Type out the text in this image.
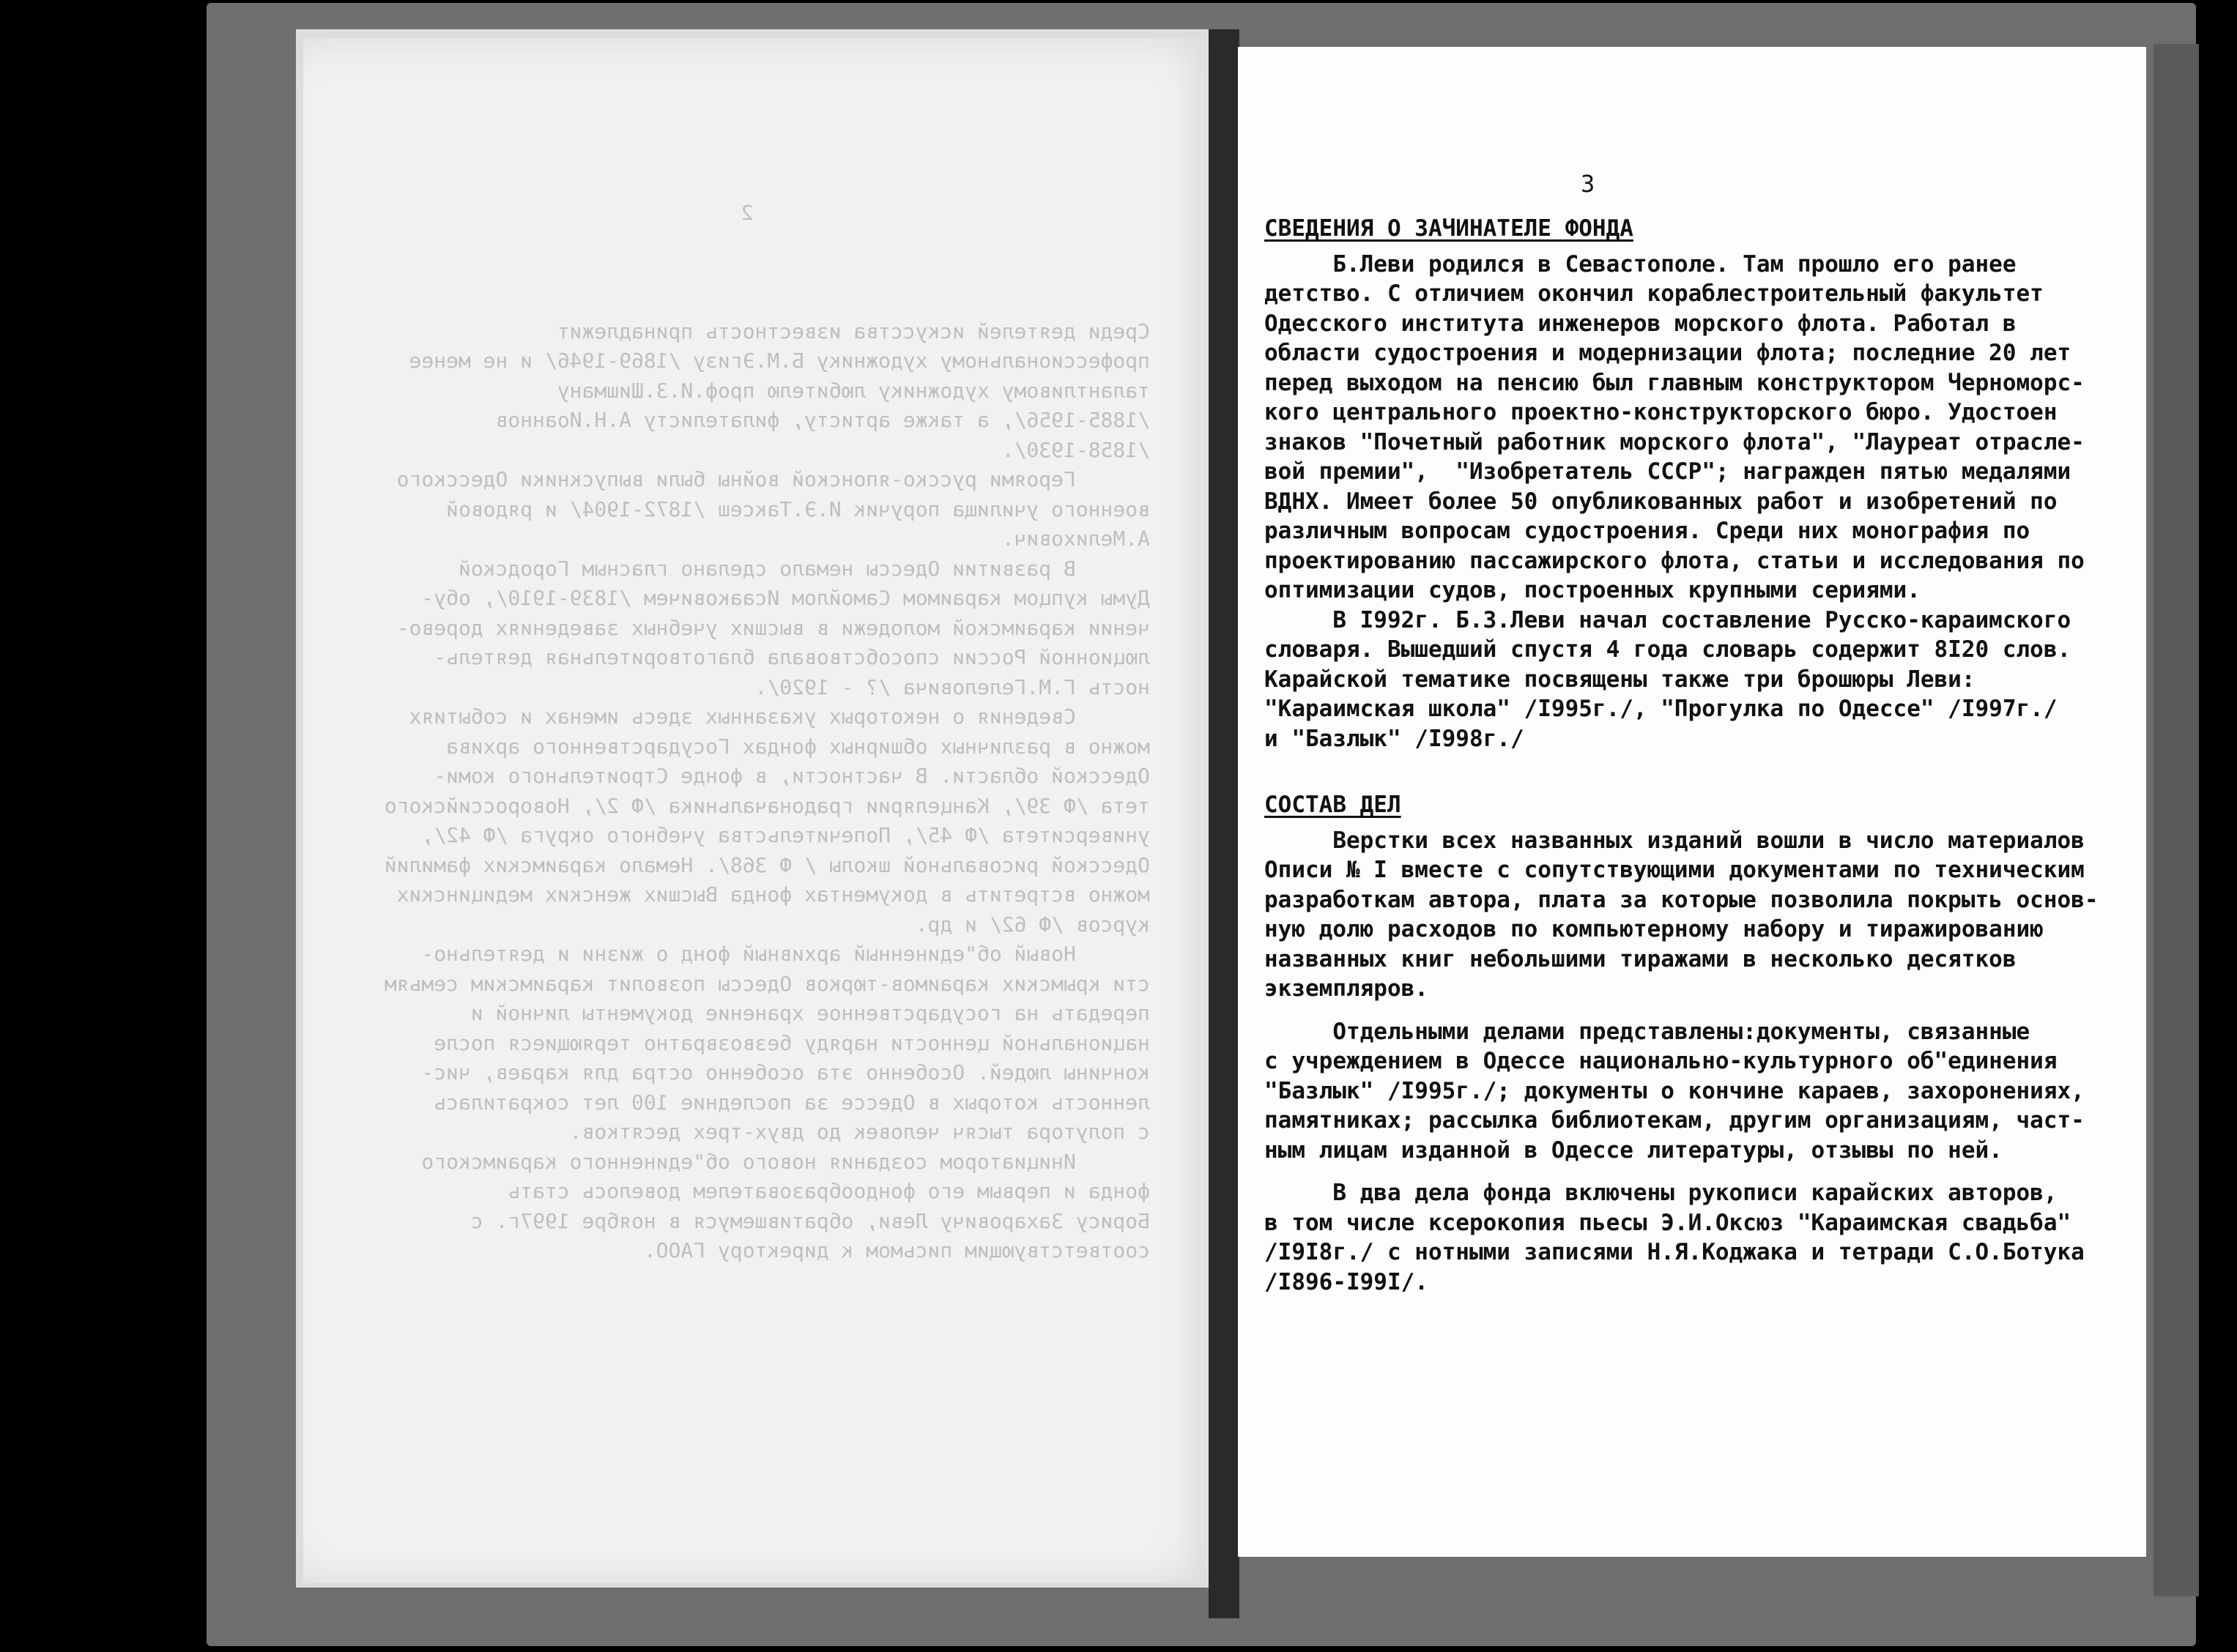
2

Среди деятелей искусства известность принадлежит
профессиональному художнику Б.М.Эгизу /1869-1946/ и не менее
талантливому художнику любителю проф.И.З.Шишману
/1885-1956/, а также артисту, филателисту А.Н.Иоаннов
/1858-1930/.
Героями русско-японской войны были выпускники Одесского
военного училища поручик И.Э.Таксеш /1872-1904/ и рядовой
А.Мелихович.
В развитии Одессы немало сделано гласным Городской
Думы купцом караимом Самойлом Исааковичем /1839-1910/, обу-
чении караимской молодежи в высших учебных заведениях дорево-
люционной России способствовала благотворительная деятель-
ность Г.М.Гелеловича /? - 1920/.
Сведения о некоторых указанных здесь именах и событиях
можно в различных обширных фондах Государственного архива
Одесской области. В частности, в фонде Строительного коми-
тета /Ф 39/, Канцелярии градоначальника /Ф 2/, Новороссийского
университета /Ф 45/, Попечительства учебного округа /Ф 42/,
Одесской рисовальной школы / Ф 368/. Немало караимских фамилий
можно встретить в документах фонда Высших женских медицинских
курсов /Ф 62/ и др.
Новый об"единенный архивный фонд о жизни и деятельно-
сти крымских караимов-тюрков Одессы позволит караимским семьям
передать на государственное хранение документы личной и
национальной ценности наряду безвозвратно теряющиеся после
кончины людей. Особенно эта особенно остра для караев, чис-
ленность которых в Одессе за последние 100 лет сократилась
с полутора тысяч человек до двух-трех десятков.
Инициатором создания нового об"единенного караимского
фонда и первым его фондообразователем довелось стать
Борису Захаровичу Леви, обратившемуся в ноябре 1997г. с
соответствующим письмом к директору ГАОО.

3

СВЕДЕНИЯ О ЗАЧИНАТЕЛЕ ФОНДА

Б.Леви родился в Севастополе. Там прошло его ранее
детство. С отличием окончил кораблестроительный факультет
Одесского института инженеров морского флота. Работал в
области судостроения и модернизации флота; последние 20 лет
перед выходом на пенсию был главным конструктором Черноморс-
кого центрального проектно-конструкторского бюро. Удостоен
знаков "Почетный работник морского флота", "Лауреат отрасле-
вой премии",  "Изобретатель СССР"; награжден пятью медалями
ВДНХ. Имеет более 50 опубликованных работ и изобретений по
различным вопросам судостроения. Среди них монография по
проектированию пассажирского флота, статьи и исследования по
оптимизации судов, построенных крупными сериями.
В I992г. Б.З.Леви начал составление Русско-караимского
словаря. Вышедший спустя 4 года словарь содержит 8I20 слов.
Карайской тематике посвящены также три брошюры Леви:
"Караимская школа" /I995г./, "Прогулка по Одессе" /I997г./
и "Базлык" /I998г./

СОСТАВ ДЕЛ

Верстки всех названных изданий вошли в число материалов
Описи № I вместе с сопутствующими документами по техническим
разработкам автора, плата за которые позволила покрыть основ-
ную долю расходов по компьютерному набору и тиражированию
названных книг небольшими тиражами в несколько десятков
экземпляров.
Отдельными делами представлены:документы, связанные
с учреждением в Одессе национально-культурного об"единения
"Базлык" /I995г./; документы о кончине караев, захоронениях,
памятниках; рассылка библиотекам, другим организациям, част-
ным лицам изданной в Одессе литературы, отзывы по ней.
В два дела фонда включены рукописи карайских авторов,
в том числе ксерокопия пьесы Э.И.Оксюз "Караимская свадьба"
/I9I8г./ с нотными записями Н.Я.Коджака и тетради С.О.Ботука
/I896-I99I/.
